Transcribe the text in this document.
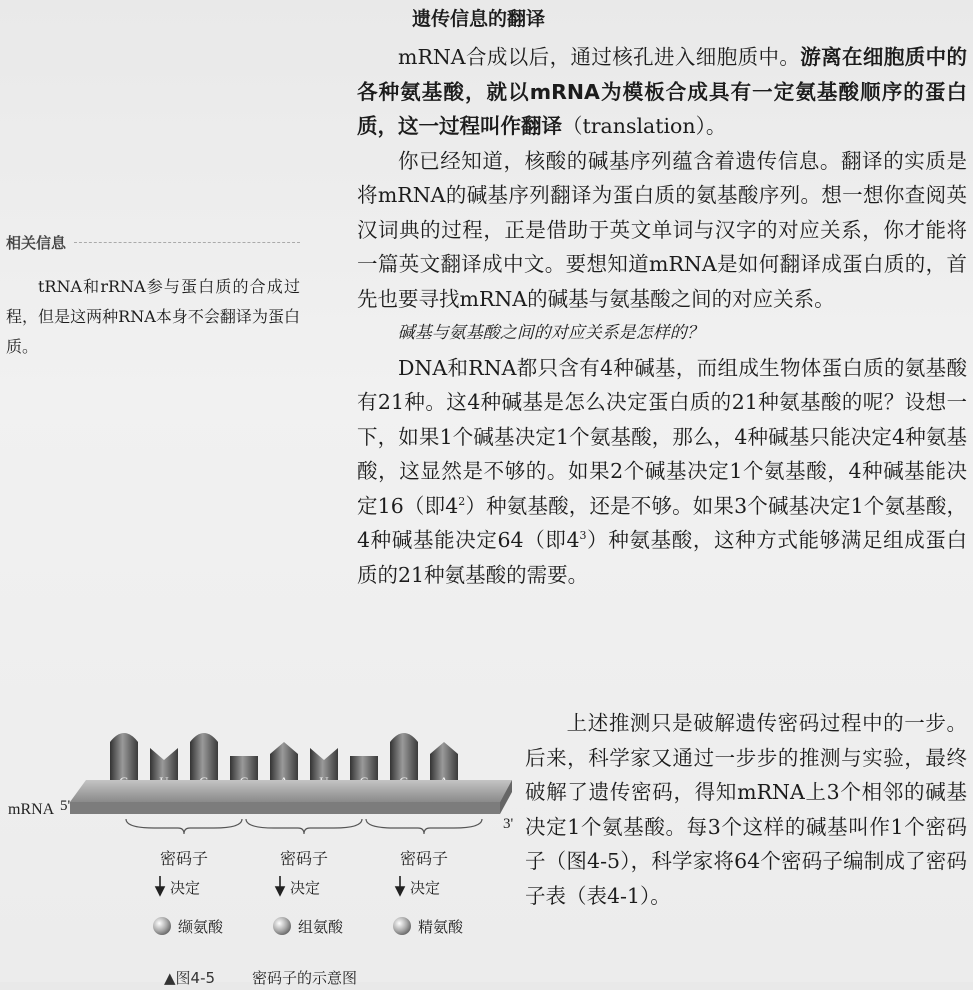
遗传信息的翻译

mRNA合成以后，通过核孔进入细胞质中。游离在细胞质中的各种氨基酸，就以mRNA为模板合成具有一定氨基酸顺序的蛋白质，这一过程叫作翻译（translation）。

你已经知道，核酸的碱基序列蕴含着遗传信息。翻译的实质是将mRNA的碱基序列翻译为蛋白质的氨基酸序列。想一想你查阅英汉词典的过程，正是借助于英文单词与汉字的对应关系，你才能将一篇英文翻译成中文。要想知道mRNA是如何翻译成蛋白质的，首先也要寻找mRNA的碱基与氨基酸之间的对应关系。

碱基与氨基酸之间的对应关系是怎样的？

DNA和RNA都只含有4种碱基，而组成生物体蛋白质的氨基酸有21种。这4种碱基是怎么决定蛋白质的21种氨基酸的呢？设想一下，如果1个碱基决定1个氨基酸，那么，4种碱基只能决定4种氨基酸，这显然是不够的。如果2个碱基决定1个氨基酸，4种碱基能决定16（即$4^2$）种氨基酸，还是不够。如果3个碱基决定1个氨基酸，4种碱基能决定64（即$4^3$）种氨基酸，这种方式能够满足组成蛋白质的21种氨基酸的需要。

上述推测只是破解遗传密码过程中的一步。后来，科学家又通过一步步的推测与实验，最终破解了遗传密码，得知mRNA上3个相邻的碱基决定1个氨基酸。每3个这样的碱基叫作1个密码子（图4-5），科学家将64个密码子编制成了密码子表（表4-1）。
相关信息
tRNA和rRNA参与蛋白质的合成过程，但是这两种RNA本身不会翻译为蛋白质。
mRNA 5'
3'
密码子
决定
缬氨酸
密码子
决定
组氨酸
密码子
决定
精氨酸
▲图4-5 密码子的示意图
